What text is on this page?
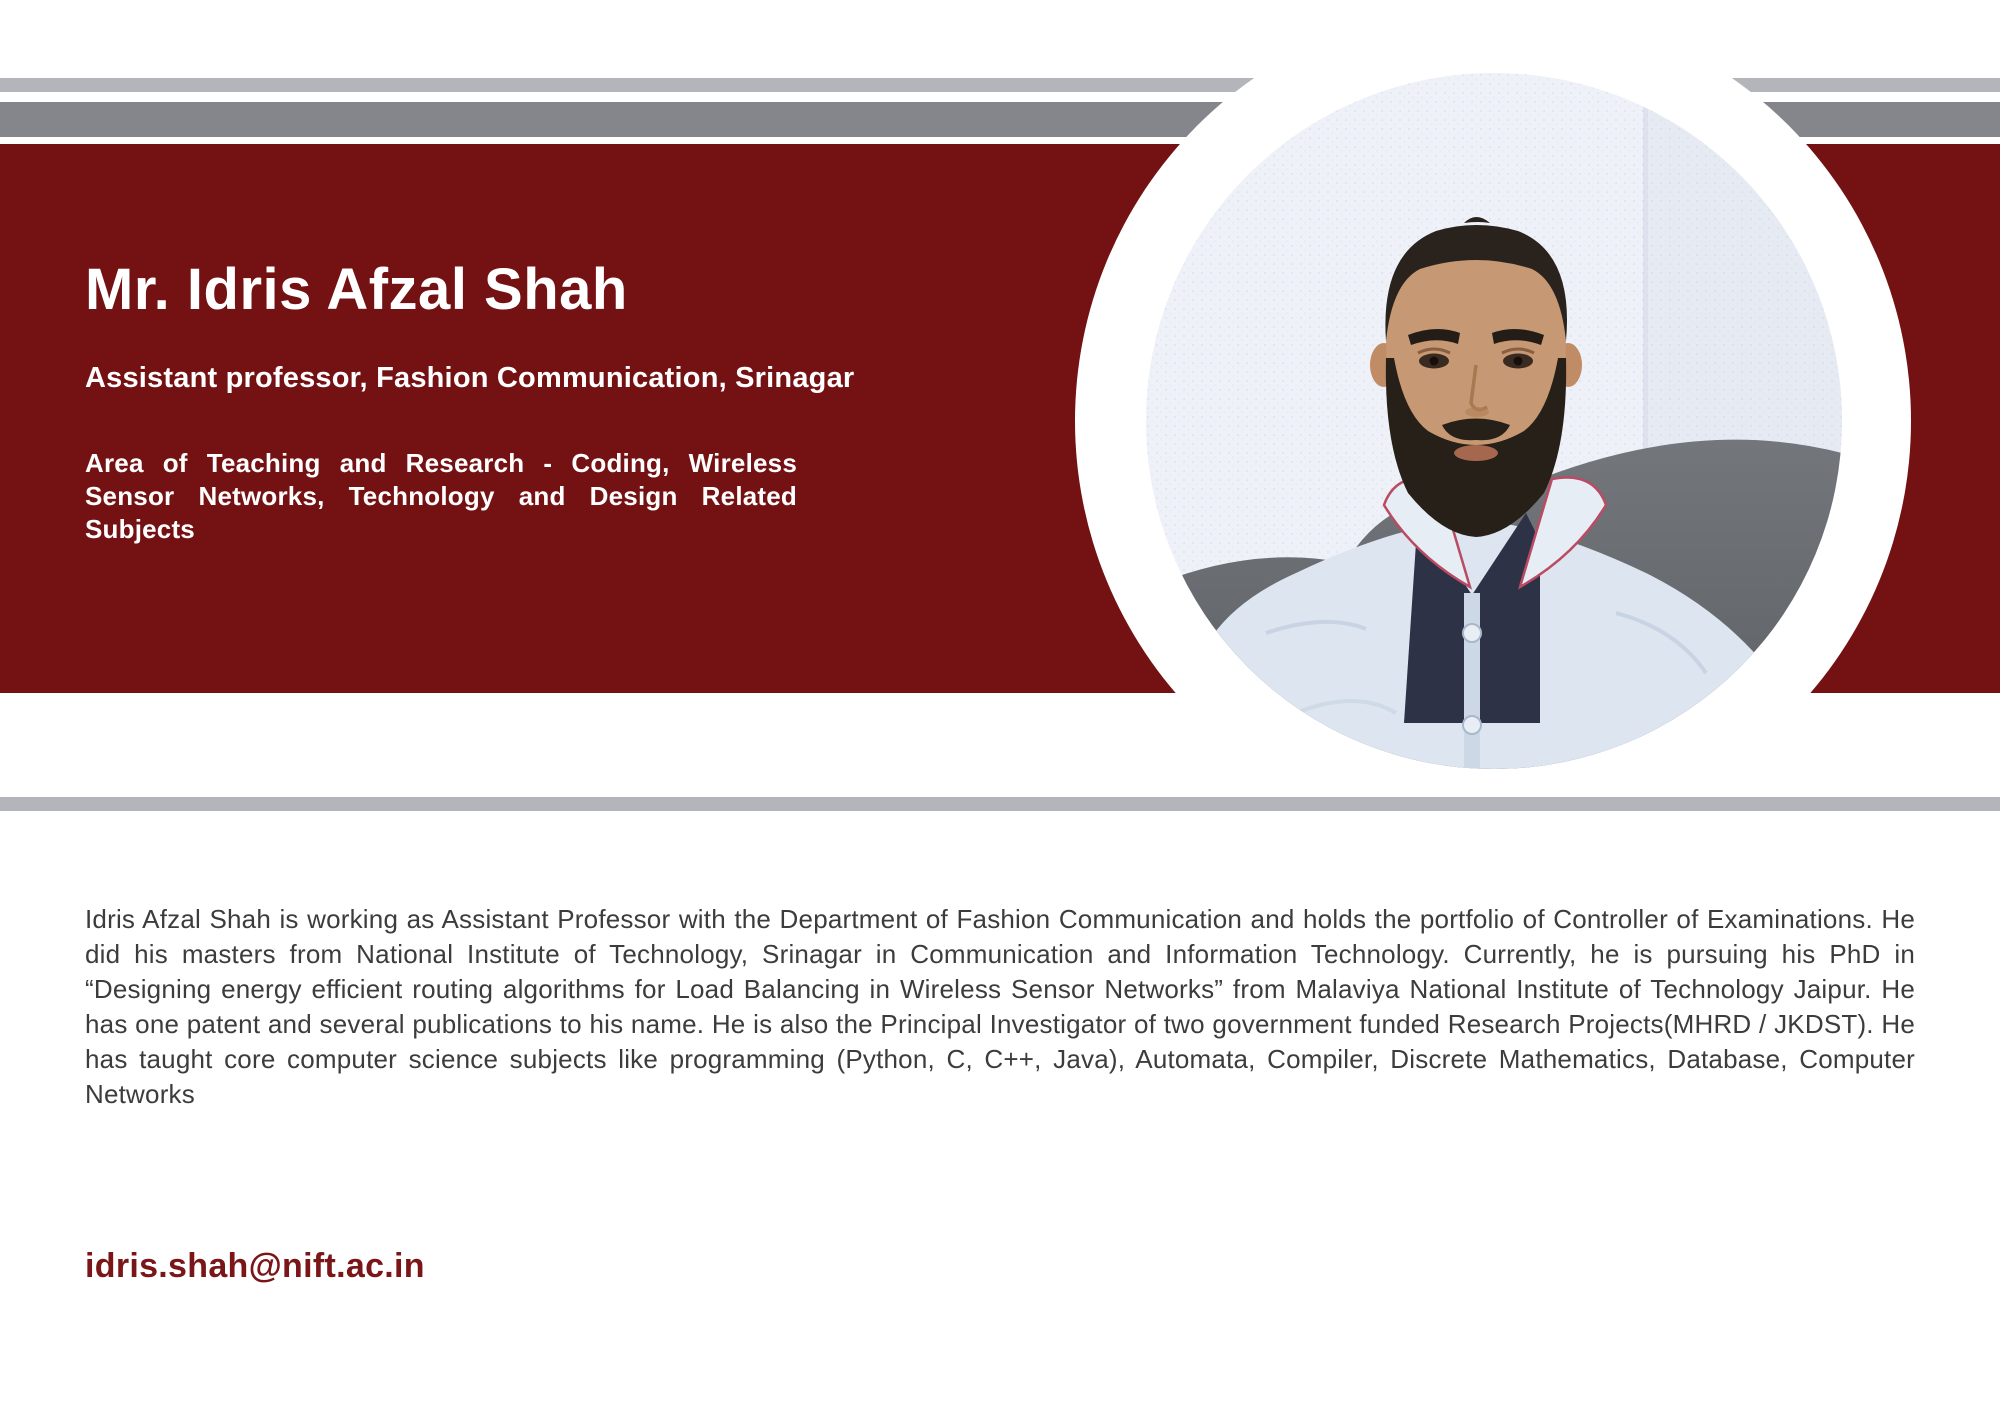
Mr. Idris Afzal Shah
Assistant professor, Fashion Communication, Srinagar
Area of Teaching and Research - Coding, Wireless Sensor Networks, Technology and Design Related Subjects
Idris Afzal Shah is working as Assistant Professor with the Department of Fashion Communication and holds the portfolio of Controller of Examinations. He did his masters from National Institute of Technology, Srinagar in Communication and Information Technology. Currently, he is pursuing his PhD in “Designing energy efficient routing algorithms for Load Balancing in Wireless Sensor Networks” from Malaviya National Institute of Technology Jaipur. He has one patent and several publications to his name. He is also the Principal Investigator of two government funded Research Projects(MHRD / JKDST). He has taught core computer science subjects like programming (Python, C, C++, Java), Automata, Compiler, Discrete Mathematics, Database, Computer Networks
idris.shah@nift.ac.in
